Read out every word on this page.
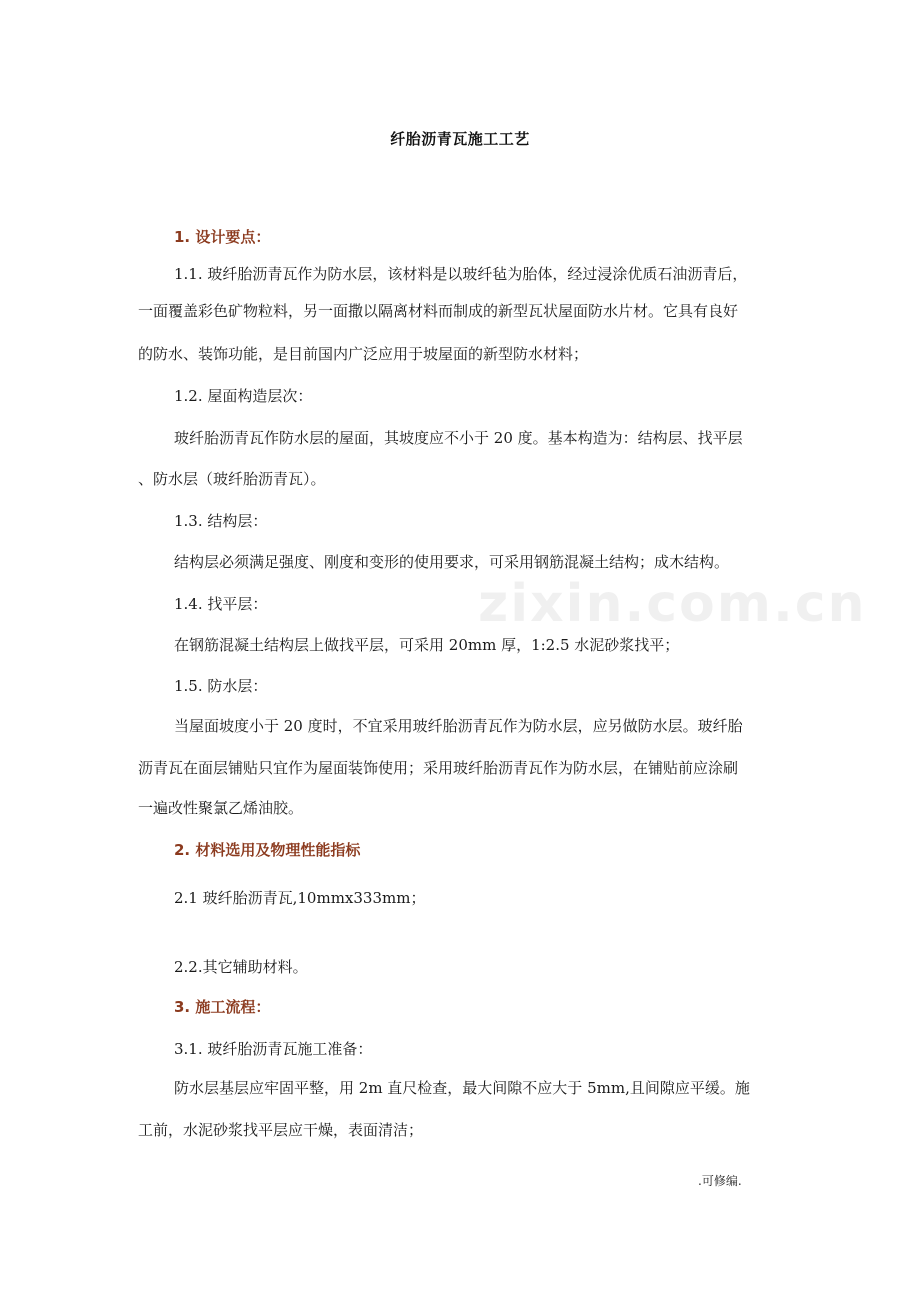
zixin.com.cn
纤胎沥青瓦施工工艺
1. 设计要点：
1.1. 玻纤胎沥青瓦作为防水层，该材料是以玻纤毡为胎体，经过浸涂优质石油沥青后，
一面覆盖彩色矿物粒料，另一面撒以隔离材料而制成的新型瓦状屋面防水片材。它具有良好
的防水、装饰功能，是目前国内广泛应用于坡屋面的新型防水材料；
1.2. 屋面构造层次：
玻纤胎沥青瓦作防水层的屋面，其坡度应不小于 20 度。基本构造为：结构层、找平层
、防水层（玻纤胎沥青瓦）。
1.3. 结构层：
结构层必须满足强度、刚度和变形的使用要求，可采用钢筋混凝土结构；成木结构。
1.4. 找平层：
在钢筋混凝土结构层上做找平层，可采用 20mm 厚，1:2.5 水泥砂浆找平；
1.5. 防水层：
当屋面坡度小于 20 度时，不宜采用玻纤胎沥青瓦作为防水层，应另做防水层。玻纤胎
沥青瓦在面层铺贴只宜作为屋面装饰使用；采用玻纤胎沥青瓦作为防水层，在铺贴前应涂刷
一遍改性聚氯乙烯油胶。
2. 材料选用及物理性能指标
2.1 玻纤胎沥青瓦,10mmx333mm；
2.2.其它辅助材料。
3. 施工流程：
3.1. 玻纤胎沥青瓦施工准备：
防水层基层应牢固平整，用 2m 直尺检查，最大间隙不应大于 5mm,且间隙应平缓。施
工前，水泥砂浆找平层应干燥，表面清洁；
.可修编.
